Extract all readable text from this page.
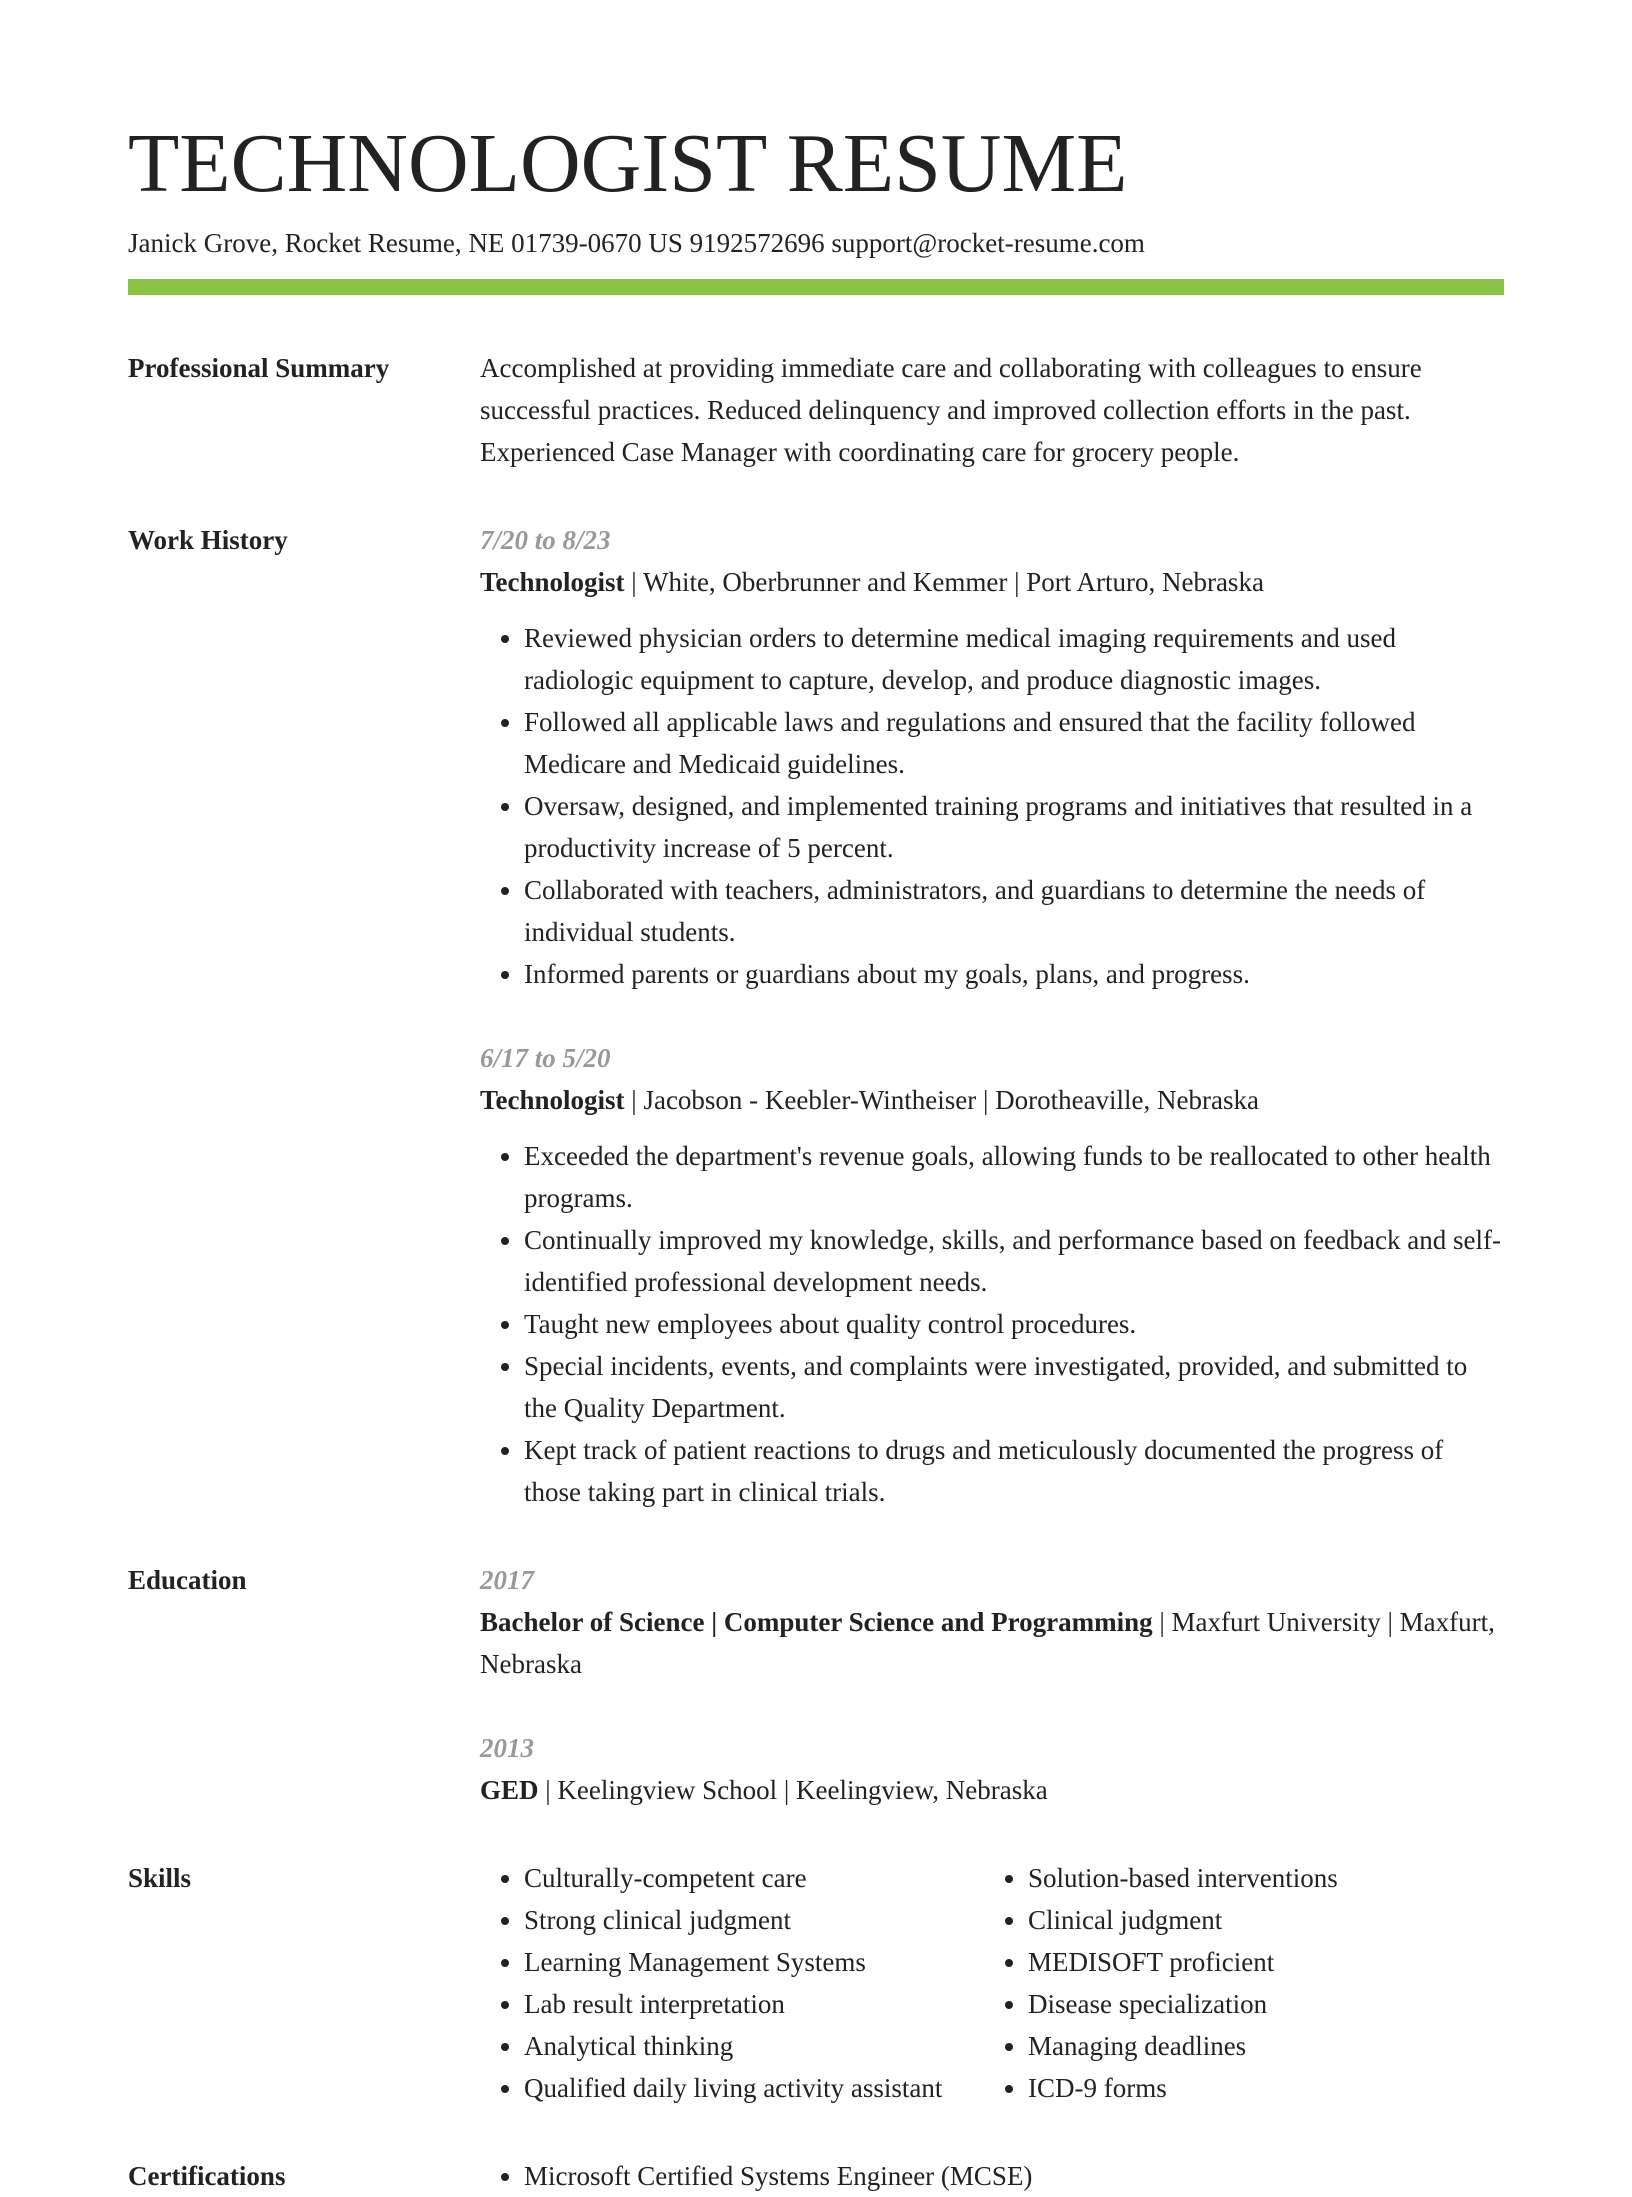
TECHNOLOGIST RESUME
Janick Grove, Rocket Resume, NE 01739-0670 US 9192572696 support@rocket-resume.com
Professional Summary	Accomplished at providing immediate care and collaborating with colleagues to ensure successful practices. Reduced delinquency and improved collection efforts in the past. Experienced Case Manager with coordinating care for grocery people.
Work History	7/20 to 8/23
Technologist | White, Oberbrunner and Kemmer | Port Arturo, Nebraska
• Reviewed physician orders to determine medical imaging requirements and used radiologic equipment to capture, develop, and produce diagnostic images.
• Followed all applicable laws and regulations and ensured that the facility followed Medicare and Medicaid guidelines.
• Oversaw, designed, and implemented training programs and initiatives that resulted in a productivity increase of 5 percent.
• Collaborated with teachers, administrators, and guardians to determine the needs of individual students.
• Informed parents or guardians about my goals, plans, and progress.
6/17 to 5/20
Technologist | Jacobson - Keebler-Wintheiser | Dorotheaville, Nebraska
• Exceeded the department's revenue goals, allowing funds to be reallocated to other health programs.
• Continually improved my knowledge, skills, and performance based on feedback and self-identified professional development needs.
• Taught new employees about quality control procedures.
• Special incidents, events, and complaints were investigated, provided, and submitted to the Quality Department.
• Kept track of patient reactions to drugs and meticulously documented the progress of those taking part in clinical trials.
Education	2017
Bachelor of Science | Computer Science and Programming | Maxfurt University | Maxfurt, Nebraska
2013
GED | Keelingview School | Keelingview, Nebraska
Skills	• Culturally-competent care
• Strong clinical judgment
• Learning Management Systems
• Lab result interpretation
• Analytical thinking
• Qualified daily living activity assistant
• Solution-based interventions
• Clinical judgment
• MEDISOFT proficient
• Disease specialization
• Managing deadlines
• ICD-9 forms
Certifications	• Microsoft Certified Systems Engineer (MCSE)
